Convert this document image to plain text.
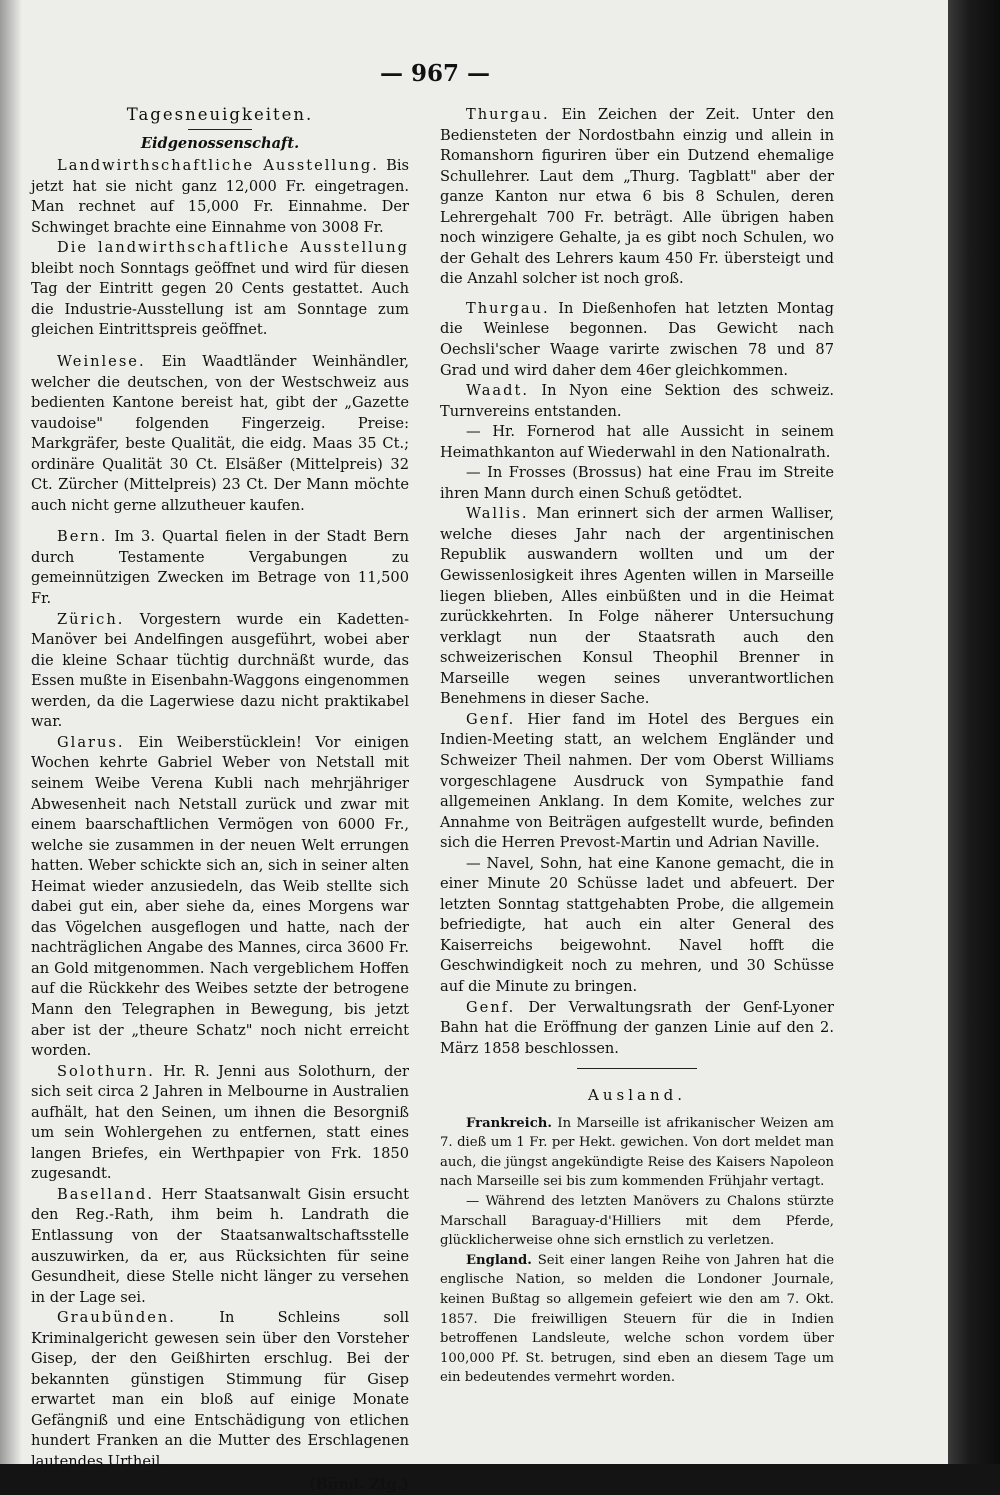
— 967 —
Tagesneuigkeiten.
Eidgenossenschaft.

Landwirthschaftliche Ausstellung. Bis jetzt hat sie nicht ganz 12,000 Fr. eingetragen. Man rechnet auf 15,000 Fr. Einnahme. Der Schwinget brachte eine Einnahme von 3008 Fr.

Die landwirthschaftliche Ausstellung bleibt noch Sonntags geöffnet und wird für diesen Tag der Eintritt gegen 20 Cents gestattet. Auch die Industrie-Ausstellung ist am Sonntage zum gleichen Eintrittspreis geöffnet.

Weinlese. Ein Waadtländer Weinhändler, welcher die deutschen, von der Westschweiz aus bedienten Kantone bereist hat, gibt der „Gazette vaudoise" folgenden Fingerzeig. Preise: Markgräfer, beste Qualität, die eidg. Maas 35 Ct.; ordinäre Qualität 30 Ct. Elsäßer (Mittelpreis) 32 Ct. Zürcher (Mittelpreis) 23 Ct. Der Mann möchte auch nicht gerne allzutheuer kaufen.

Bern. Im 3. Quartal fielen in der Stadt Bern durch Testamente Vergabungen zu gemeinnützigen Zwecken im Betrage von 11,500 Fr.

Zürich. Vorgestern wurde ein Kadetten-Manöver bei Andelfingen ausgeführt, wobei aber die kleine Schaar tüchtig durchnäßt wurde, das Essen mußte in Eisenbahn-Waggons eingenommen werden, da die Lagerwiese dazu nicht praktikabel war.

Glarus. Ein Weiberstücklein! Vor einigen Wochen kehrte Gabriel Weber von Netstall mit seinem Weibe Verena Kubli nach mehrjähriger Abwesenheit nach Netstall zurück und zwar mit einem baarschaftlichen Vermögen von 6000 Fr., welche sie zusammen in der neuen Welt errungen hatten. Weber schickte sich an, sich in seiner alten Heimat wieder anzusiedeln, das Weib stellte sich dabei gut ein, aber siehe da, eines Morgens war das Vögelchen ausgeflogen und hatte, nach der nachträglichen Angabe des Mannes, circa 3600 Fr. an Gold mitgenommen. Nach vergeblichem Hoffen auf die Rückkehr des Weibes setzte der betrogene Mann den Telegraphen in Bewegung, bis jetzt aber ist der „theure Schatz" noch nicht erreicht worden.

Solothurn. Hr. R. Jenni aus Solothurn, der sich seit circa 2 Jahren in Melbourne in Australien aufhält, hat den Seinen, um ihnen die Besorgniß um sein Wohlergehen zu entfernen, statt eines langen Briefes, ein Werthpapier von Frk. 1850 zugesandt.

Baselland. Herr Staatsanwalt Gisin ersucht den Reg.-Rath, ihm beim h. Landrath die Entlassung von der Staatsanwaltschaftsstelle auszuwirken, da er, aus Rücksichten für seine Gesundheit, diese Stelle nicht länger zu versehen in der Lage sei.

Graubünden. In Schleins soll Kriminalgericht gewesen sein über den Vorsteher Gisep, der den Geißhirten erschlug. Bei der bekannten günstigen Stimmung für Gisep erwartet man ein bloß auf einige Monate Gefängniß und eine Entschädigung von etlichen hundert Franken an die Mutter des Erschlagenen lautendes Urtheil.

(Bünd. Ztg.)

Thurgau. Ein Zeichen der Zeit. Unter den Bediensteten der Nordostbahn einzig und allein in Romanshorn figuriren über ein Dutzend ehemalige Schullehrer. Laut dem „Thurg. Tagblatt" aber der ganze Kanton nur etwa 6 bis 8 Schulen, deren Lehrergehalt 700 Fr. beträgt. Alle übrigen haben noch winzigere Gehalte, ja es gibt noch Schulen, wo der Gehalt des Lehrers kaum 450 Fr. übersteigt und die Anzahl solcher ist noch groß.

Thurgau. In Dießenhofen hat letzten Montag die Weinlese begonnen. Das Gewicht nach Oechsli'scher Waage varirte zwischen 78 und 87 Grad und wird daher dem 46er gleichkommen.

Waadt. In Nyon eine Sektion des schweiz. Turnvereins entstanden.

— Hr. Fornerod hat alle Aussicht in seinem Heimathkanton auf Wiederwahl in den Nationalrath.

— In Frosses (Brossus) hat eine Frau im Streite ihren Mann durch einen Schuß getödtet.

Wallis. Man erinnert sich der armen Walliser, welche dieses Jahr nach der argentinischen Republik auswandern wollten und um der Gewissenlosigkeit ihres Agenten willen in Marseille liegen blieben, Alles einbüßten und in die Heimat zurückkehrten. In Folge näherer Untersuchung verklagt nun der Staatsrath auch den schweizerischen Konsul Theophil Brenner in Marseille wegen seines unverantwortlichen Benehmens in dieser Sache.

Genf. Hier fand im Hotel des Bergues ein Indien-Meeting statt, an welchem Engländer und Schweizer Theil nahmen. Der vom Oberst Williams vorgeschlagene Ausdruck von Sympathie fand allgemeinen Anklang. In dem Komite, welches zur Annahme von Beiträgen aufgestellt wurde, befinden sich die Herren Prevost-Martin und Adrian Naville.

— Navel, Sohn, hat eine Kanone gemacht, die in einer Minute 20 Schüsse ladet und abfeuert. Der letzten Sonntag stattgehabten Probe, die allgemein befriedigte, hat auch ein alter General des Kaiserreichs beigewohnt. Navel hofft die Geschwindigkeit noch zu mehren, und 30 Schüsse auf die Minute zu bringen.

Genf. Der Verwaltungsrath der Genf-Lyoner Bahn hat die Eröffnung der ganzen Linie auf den 2. März 1858 beschlossen.

Ausland.

Frankreich. In Marseille ist afrikanischer Weizen am 7. dieß um 1 Fr. per Hekt. gewichen. Von dort meldet man auch, die jüngst angekündigte Reise des Kaisers Napoleon nach Marseille sei bis zum kommenden Frühjahr vertagt.

— Während des letzten Manövers zu Chalons stürzte Marschall Baraguay-d'Hilliers mit dem Pferde, glücklicherweise ohne sich ernstlich zu verletzen.

England. Seit einer langen Reihe von Jahren hat die englische Nation, so melden die Londoner Journale, keinen Bußtag so allgemein gefeiert wie den am 7. Okt. 1857. Die freiwilligen Steuern für die in Indien betroffenen Landsleute, welche schon vordem über 100,000 Pf. St. betrugen, sind eben an diesem Tage um ein bedeutendes vermehrt worden.
